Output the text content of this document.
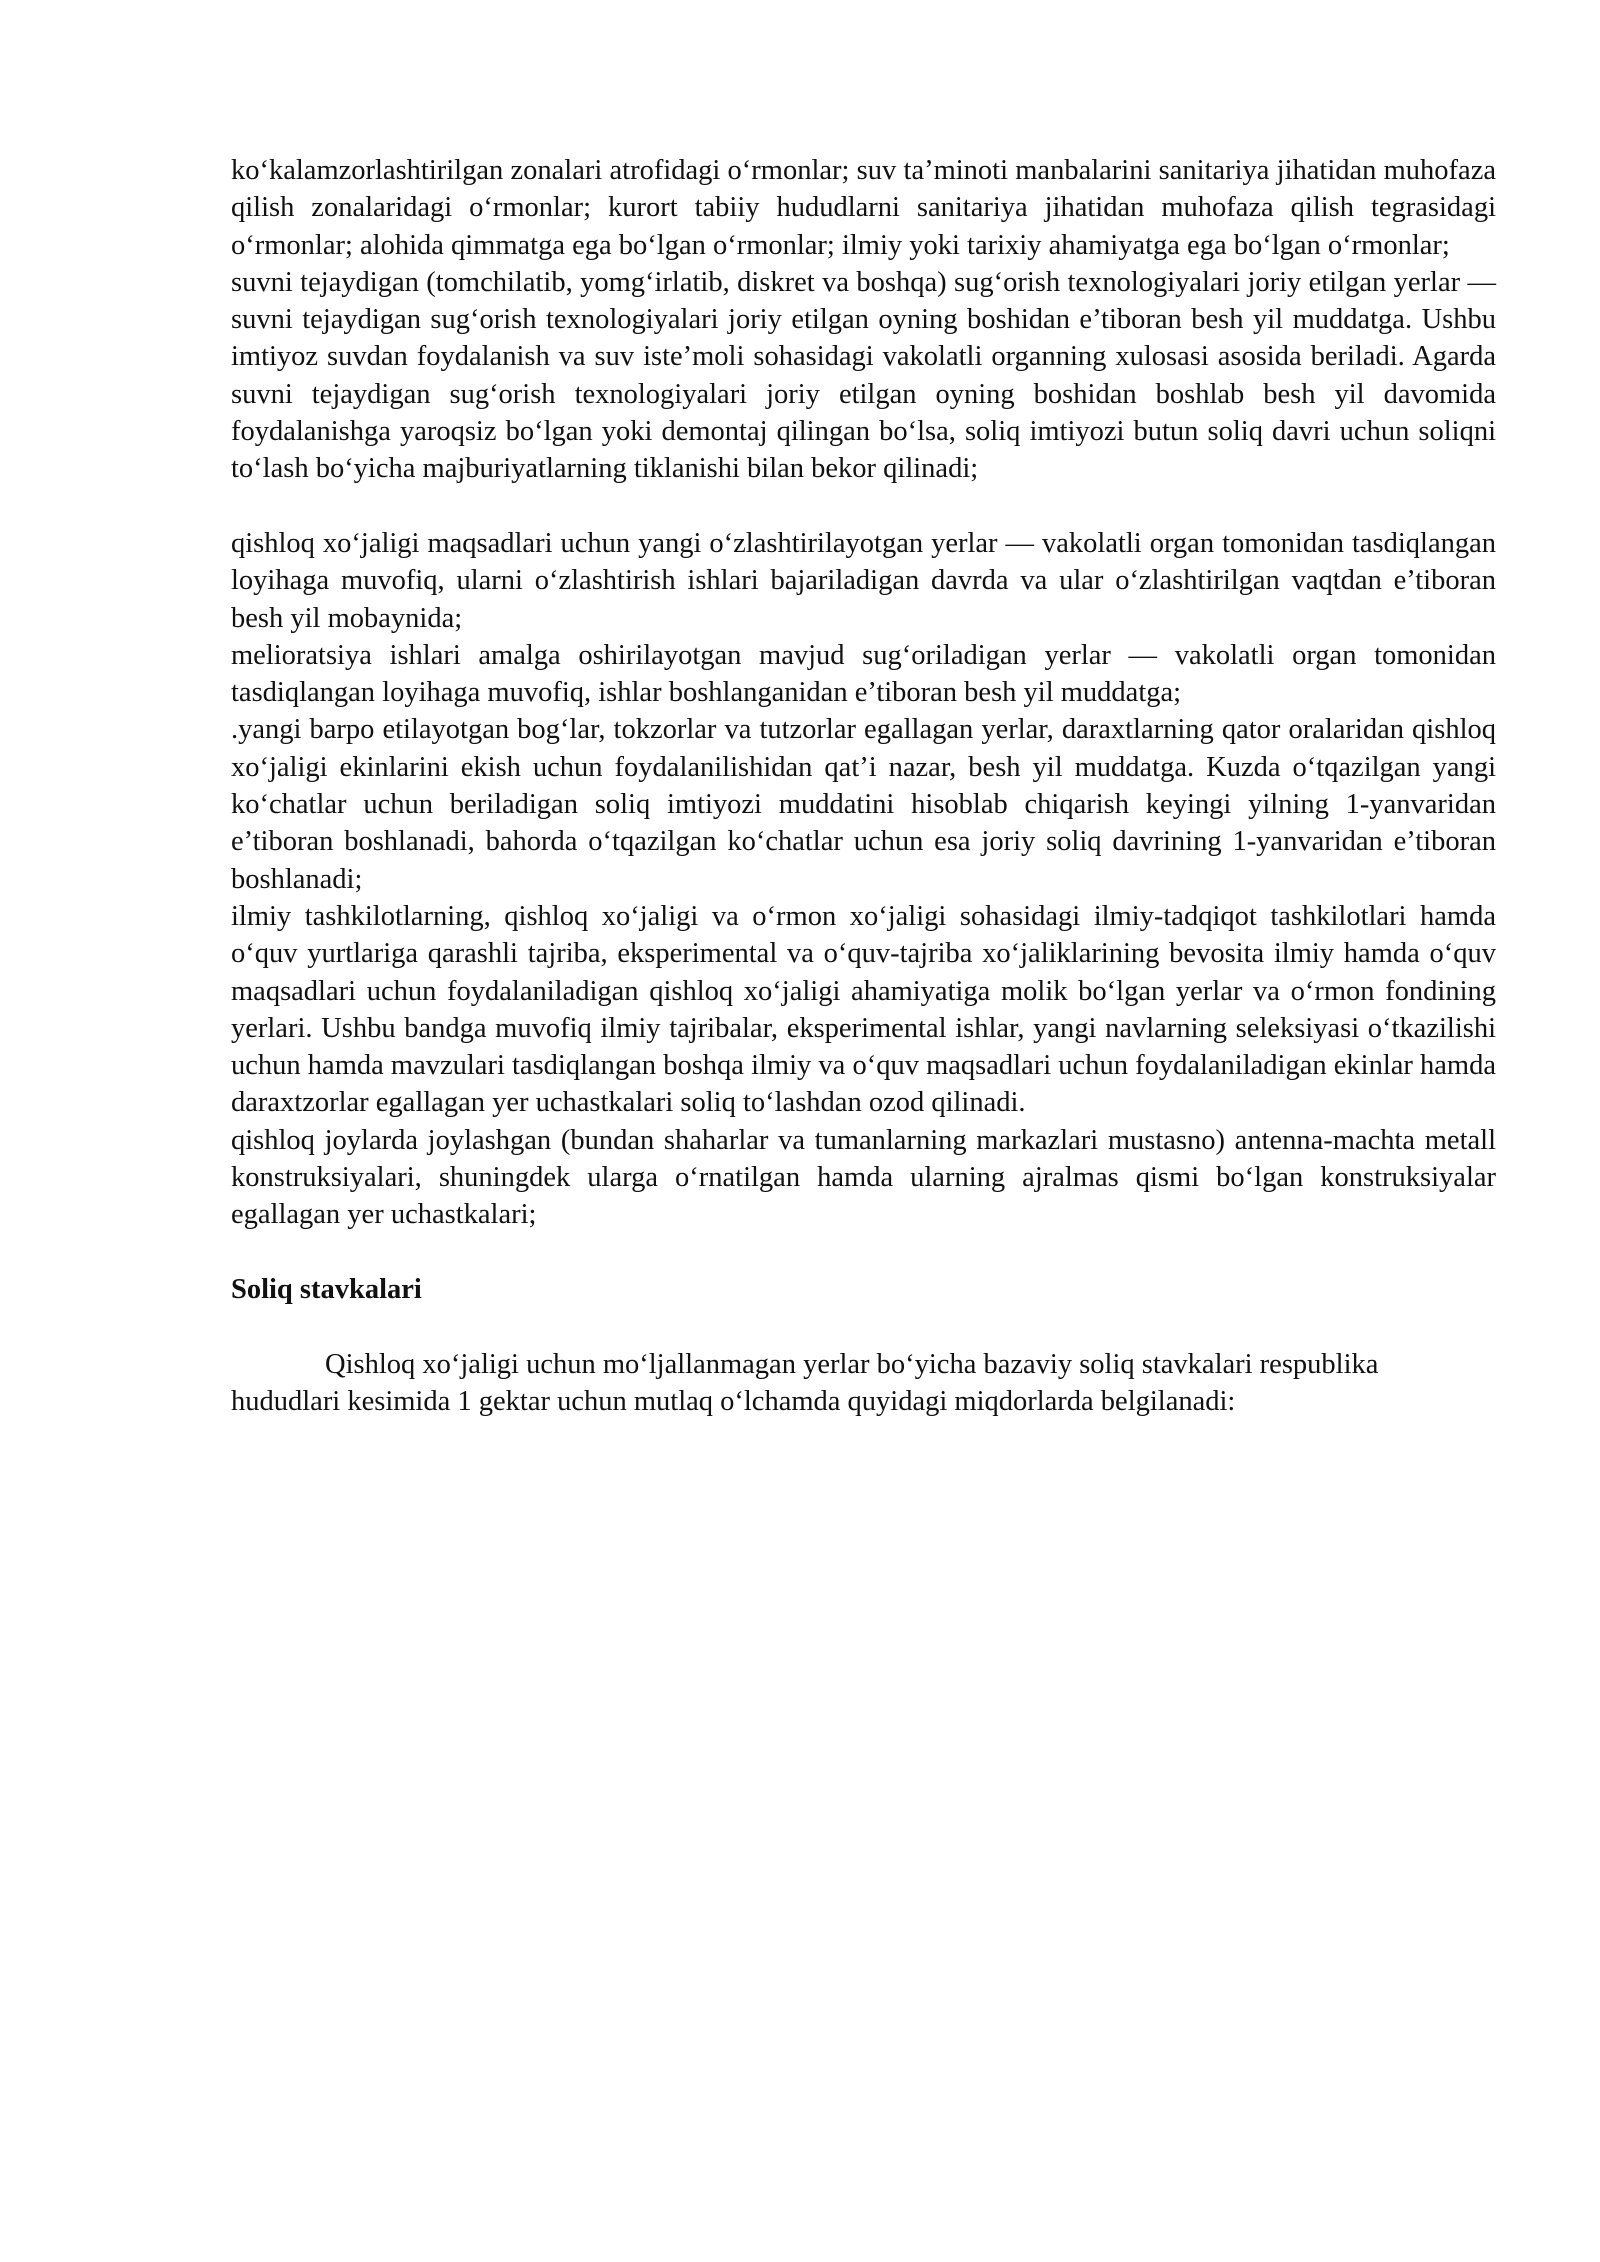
ko‘kalamzorlashtirilgan zonalari atrofidagi o‘rmonlar; suv ta’minoti manbalarini sanitariya jihatidan muhofaza qilish zonalaridagi o‘rmonlar; kurort tabiiy hududlarni sanitariya jihatidan muhofaza qilish tegrasidagi o‘rmonlar; alohida qimmatga ega bo‘lgan o‘rmonlar; ilmiy yoki tarixiy ahamiyatga ega bo‘lgan o‘rmonlar;

suvni tejaydigan (tomchilatib, yomg‘irlatib, diskret va boshqa) sug‘orish texnologiyalari joriy etilgan yerlar — suvni tejaydigan sug‘orish texnologiyalari joriy etilgan oyning boshidan e’tiboran besh yil muddatga. Ushbu imtiyoz suvdan foydalanish va suv iste’moli sohasidagi vakolatli organning xulosasi asosida beriladi. Agarda suvni tejaydigan sug‘orish texnologiyalari joriy etilgan oyning boshidan boshlab besh yil davomida foydalanishga yaroqsiz bo‘lgan yoki demontaj qilingan bo‘lsa, soliq imtiyozi butun soliq davri uchun soliqni to‘lash bo‘yicha majburiyatlarning tiklanishi bilan bekor qilinadi;

qishloq xo‘jaligi maqsadlari uchun yangi o‘zlashtirilayotgan yerlar — vakolatli organ tomonidan tasdiqlangan loyihaga muvofiq, ularni o‘zlashtirish ishlari bajariladigan davrda va ular o‘zlashtirilgan vaqtdan e’tiboran besh yil mobaynida;

melioratsiya ishlari amalga oshirilayotgan mavjud sug‘oriladigan yerlar — vakolatli organ tomonidan tasdiqlangan loyihaga muvofiq, ishlar boshlanganidan e’tiboran besh yil muddatga;

.yangi barpo etilayotgan bog‘lar, tokzorlar va tutzorlar egallagan yerlar, daraxtlarning qator oralaridan qishloq xo‘jaligi ekinlarini ekish uchun foydalanilishidan qat’i nazar, besh yil muddatga. Kuzda o‘tqazilgan yangi ko‘chatlar uchun beriladigan soliq imtiyozi muddatini hisoblab chiqarish keyingi yilning 1-yanvaridan e’tiboran boshlanadi, bahorda o‘tqazilgan ko‘chatlar uchun esa joriy soliq davrining 1-yanvaridan e’tiboran boshlanadi;

ilmiy tashkilotlarning, qishloq xo‘jaligi va o‘rmon xo‘jaligi sohasidagi ilmiy-tadqiqot tashkilotlari hamda o‘quv yurtlariga qarashli tajriba, eksperimental va o‘quv-tajriba xo‘jaliklarining bevosita ilmiy hamda o‘quv maqsadlari uchun foydalaniladigan qishloq xo‘jaligi ahamiyatiga molik bo‘lgan yerlar va o‘rmon fondining yerlari. Ushbu bandga muvofiq ilmiy tajribalar, eksperimental ishlar, yangi navlarning seleksiyasi o‘tkazilishi uchun hamda mavzulari tasdiqlangan boshqa ilmiy va o‘quv maqsadlari uchun foydalaniladigan ekinlar hamda daraxtzorlar egallagan yer uchastkalari soliq to‘lashdan ozod qilinadi.

qishloq joylarda joylashgan (bundan shaharlar va tumanlarning markazlari mustasno) antenna-machta metall konstruksiyalari, shuningdek ularga o‘rnatilgan hamda ularning ajralmas qismi bo‘lgan konstruksiyalar egallagan yer uchastkalari;

Soliq stavkalari

Qishloq xo‘jaligi uchun mo‘ljallanmagan yerlar bo‘yicha bazaviy soliq stavkalari respublika

hududlari kesimida 1 gektar uchun mutlaq o‘lchamda quyidagi miqdorlarda belgilanadi:
